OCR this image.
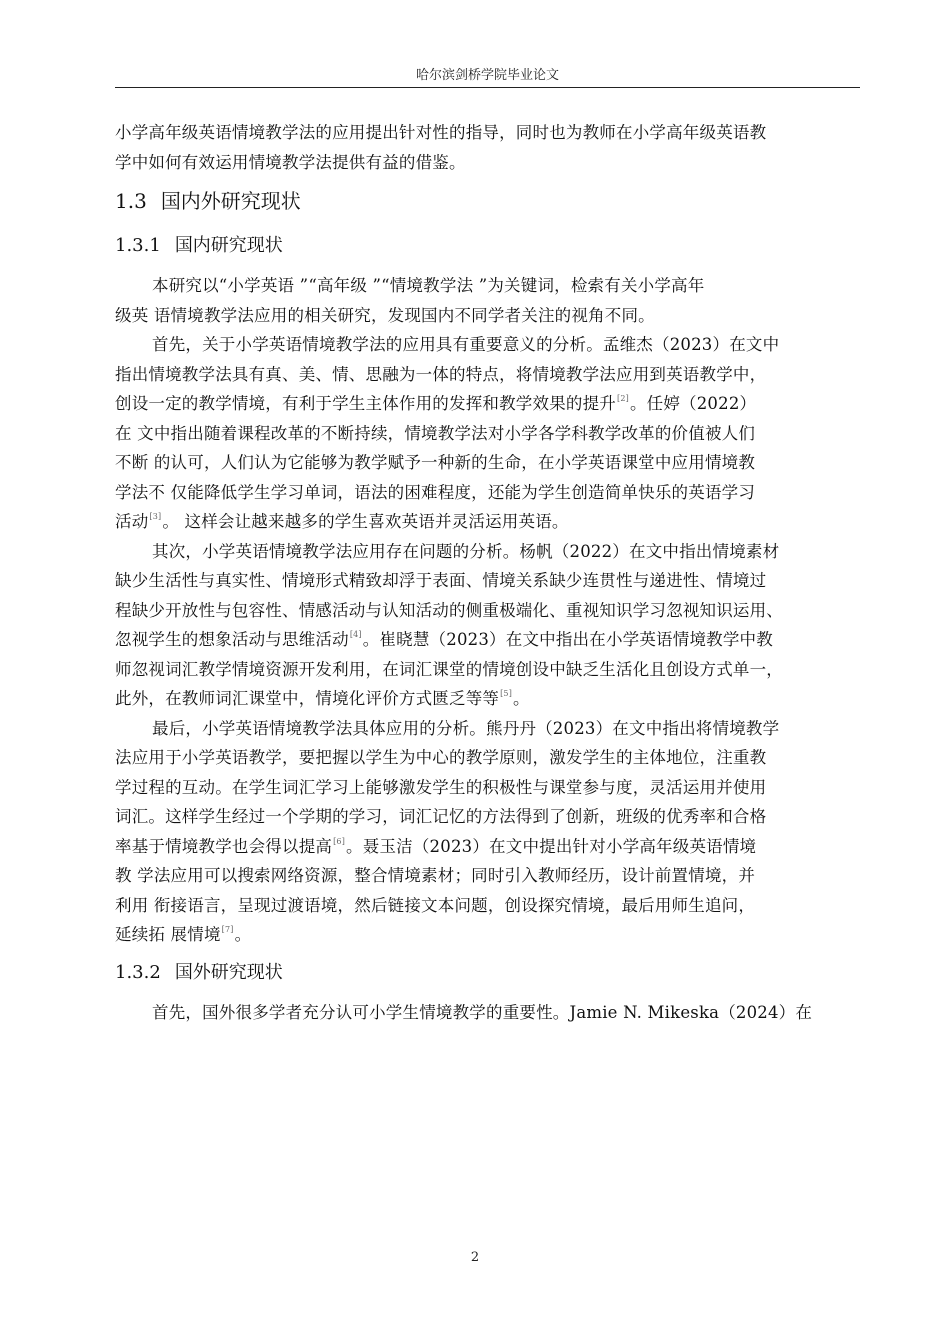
哈尔滨剑桥学院毕业论文
小学高年级英语情境教学法的应用提出针对性的指导，同时也为教师在小学高年级英语教
学中如何有效运用情境教学法提供有益的借鉴。
1.3 国内外研究现状
1.3.1 国内研究现状
本研究以“小学英语 ”“高年级 ”“情境教学法 ”为关键词，检索有关小学高年
级英 语情境教学法应用的相关研究，发现国内不同学者关注的视角不同。
首先，关于小学英语情境教学法的应用具有重要意义的分析。孟维杰（2023）在文中
指出情境教学法具有真、美、情、思融为一体的特点，将情境教学法应用到英语教学中，
创设一定的教学情境，有利于学生主体作用的发挥和教学效果的提升[2]。任婷（2022）
在 文中指出随着课程改革的不断持续，情境教学法对小学各学科教学改革的价值被人们
不断 的认可，人们认为它能够为教学赋予一种新的生命，在小学英语课堂中应用情境教
学法不 仅能降低学生学习单词，语法的困难程度，还能为学生创造简单快乐的英语学习
活动[3]。 这样会让越来越多的学生喜欢英语并灵活运用英语。
其次，小学英语情境教学法应用存在问题的分析。杨帆（2022）在文中指出情境素材
缺少生活性与真实性、情境形式精致却浮于表面、情境关系缺少连贯性与递进性、情境过
程缺少开放性与包容性、情感活动与认知活动的侧重极端化、重视知识学习忽视知识运用、
忽视学生的想象活动与思维活动[4]。崔晓慧（2023）在文中指出在小学英语情境教学中教
师忽视词汇教学情境资源开发利用，在词汇课堂的情境创设中缺乏生活化且创设方式单一，
此外，在教师词汇课堂中，情境化评价方式匮乏等等[5]。
最后，小学英语情境教学法具体应用的分析。熊丹丹（2023）在文中指出将情境教学
法应用于小学英语教学，要把握以学生为中心的教学原则，激发学生的主体地位，注重教
学过程的互动。在学生词汇学习上能够激发学生的积极性与课堂参与度，灵活运用并使用
词汇。这样学生经过一个学期的学习，词汇记忆的方法得到了创新，班级的优秀率和合格
率基于情境教学也会得以提高[6]。聂玉洁（2023）在文中提出针对小学高年级英语情境
教 学法应用可以搜索网络资源，整合情境素材；同时引入教师经历，设计前置情境，并
利用 衔接语言，呈现过渡语境，然后链接文本问题，创设探究情境，最后用师生追问，
延续拓 展情境[7]。
1.3.2 国外研究现状
首先，国外很多学者充分认可小学生情境教学的重要性。Jamie N. Mikeska（2024）在
2
